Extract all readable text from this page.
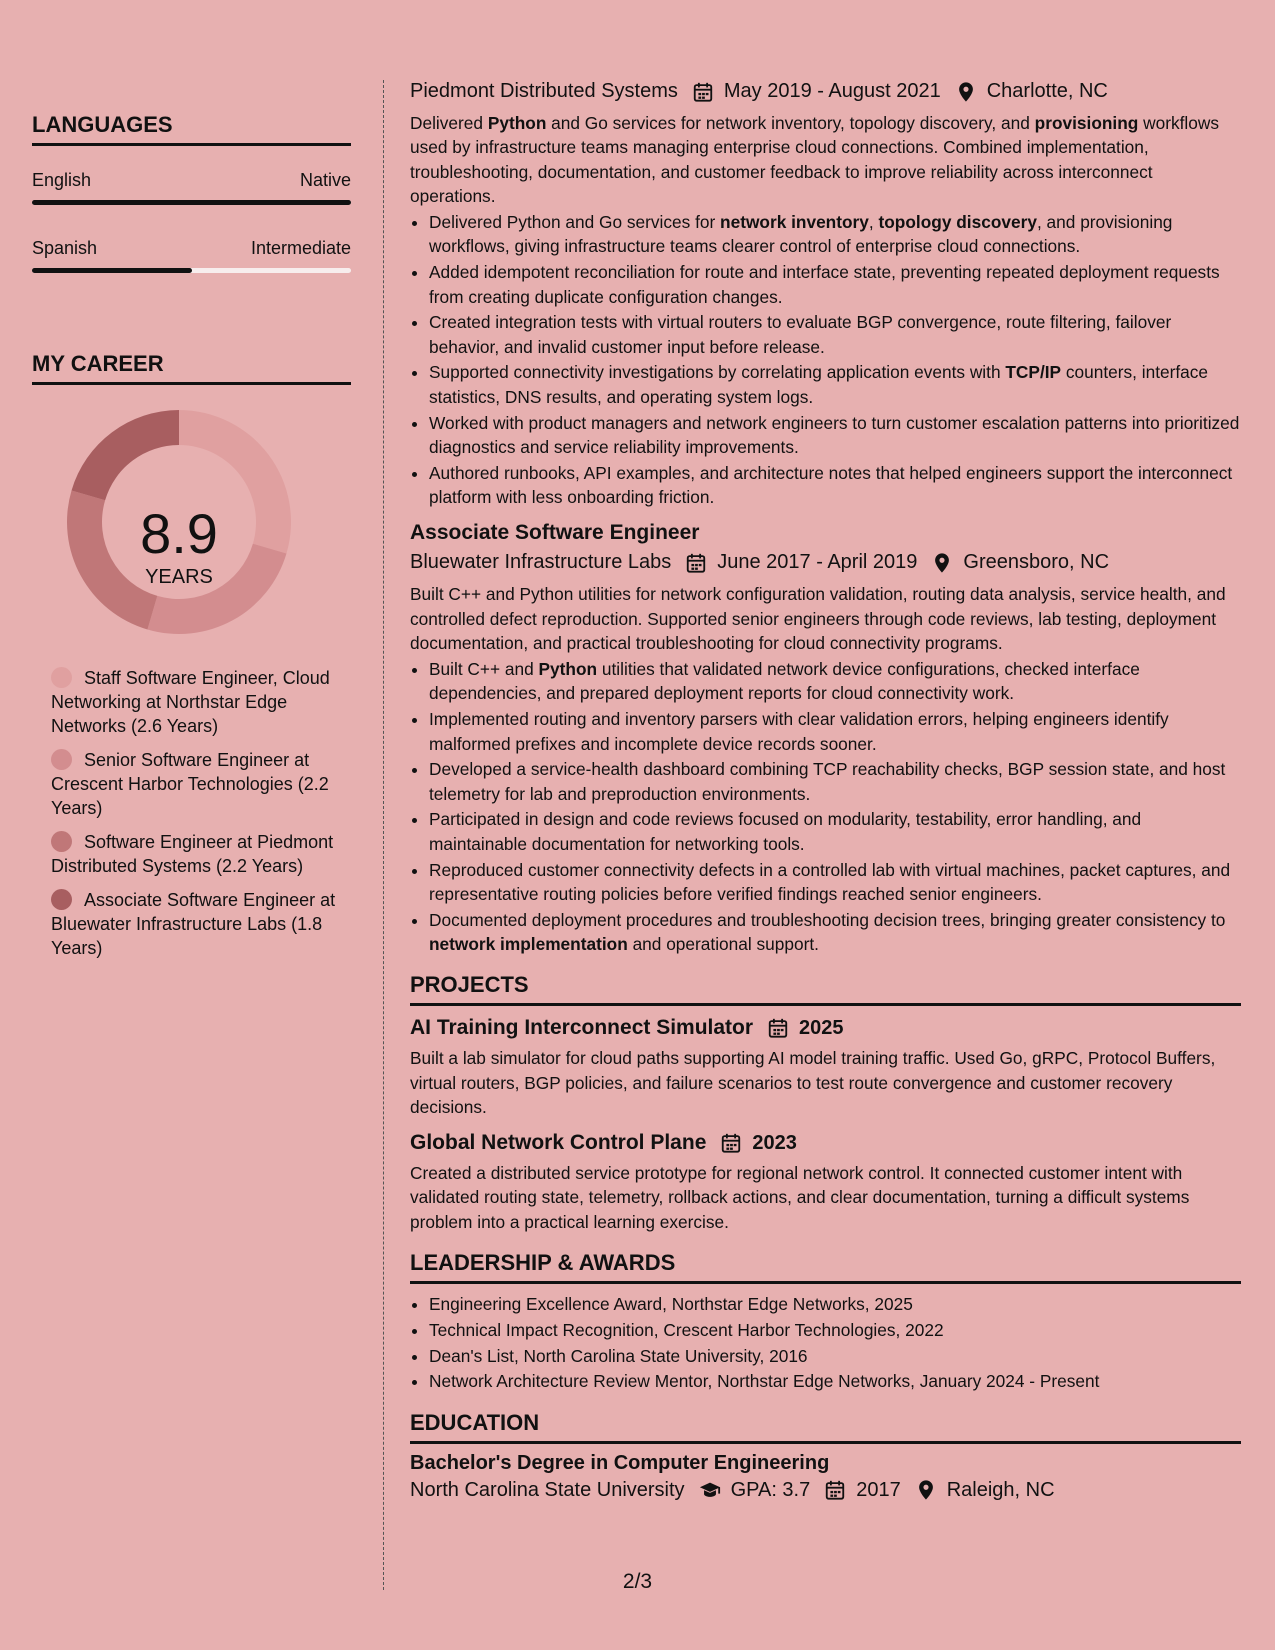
LANGUAGES
English	Native
Spanish	Intermediate
MY CAREER
8.9
YEARS
Staff Software Engineer, Cloud Networking at Northstar Edge Networks (2.6 Years)
Senior Software Engineer at Crescent Harbor Technologies (2.2 Years)
Software Engineer at Piedmont Distributed Systems (2.2 Years)
Associate Software Engineer at Bluewater Infrastructure Labs (1.8 Years)
Piedmont Distributed Systems May 2019 - August 2021 Charlotte, NC

Delivered Python and Go services for network inventory, topology discovery, and provisioning workflows used by infrastructure teams managing enterprise cloud connections. Combined implementation, troubleshooting, documentation, and customer feedback to improve reliability across interconnect operations.

• Delivered Python and Go services for network inventory, topology discovery, and provisioning workflows, giving infrastructure teams clearer control of enterprise cloud connections.
• Added idempotent reconciliation for route and interface state, preventing repeated deployment requests from creating duplicate configuration changes.
• Created integration tests with virtual routers to evaluate BGP convergence, route filtering, failover behavior, and invalid customer input before release.
• Supported connectivity investigations by correlating application events with TCP/IP counters, interface statistics, DNS results, and operating system logs.
• Worked with product managers and network engineers to turn customer escalation patterns into prioritized diagnostics and service reliability improvements.
• Authored runbooks, API examples, and architecture notes that helped engineers support the interconnect platform with less onboarding friction.
Associate Software Engineer
Bluewater Infrastructure Labs June 2017 - April 2019 Greensboro, NC

Built C++ and Python utilities for network configuration validation, routing data analysis, service health, and controlled defect reproduction. Supported senior engineers through code reviews, lab testing, deployment documentation, and practical troubleshooting for cloud connectivity programs.

• Built C++ and Python utilities that validated network device configurations, checked interface dependencies, and prepared deployment reports for cloud connectivity work.
• Implemented routing and inventory parsers with clear validation errors, helping engineers identify malformed prefixes and incomplete device records sooner.
• Developed a service-health dashboard combining TCP reachability checks, BGP session state, and host telemetry for lab and preproduction environments.
• Participated in design and code reviews focused on modularity, testability, error handling, and maintainable documentation for networking tools.
• Reproduced customer connectivity defects in a controlled lab with virtual machines, packet captures, and representative routing policies before verified findings reached senior engineers.
• Documented deployment procedures and troubleshooting decision trees, bringing greater consistency to network implementation and operational support.
PROJECTS
AI Training Interconnect Simulator 2025

Built a lab simulator for cloud paths supporting AI model training traffic. Used Go, gRPC, Protocol Buffers, virtual routers, BGP policies, and failure scenarios to test route convergence and customer recovery decisions.

Global Network Control Plane 2023

Created a distributed service prototype for regional network control. It connected customer intent with validated routing state, telemetry, rollback actions, and clear documentation, turning a difficult systems problem into a practical learning exercise.

LEADERSHIP & AWARDS
• Engineering Excellence Award, Northstar Edge Networks, 2025
• Technical Impact Recognition, Crescent Harbor Technologies, 2022
• Dean's List, North Carolina State University, 2016
• Network Architecture Review Mentor, Northstar Edge Networks, January 2024 - Present
EDUCATION
Bachelor's Degree in Computer Engineering
North Carolina State University GPA: 3.7 2017 Raleigh, NC
2/3
